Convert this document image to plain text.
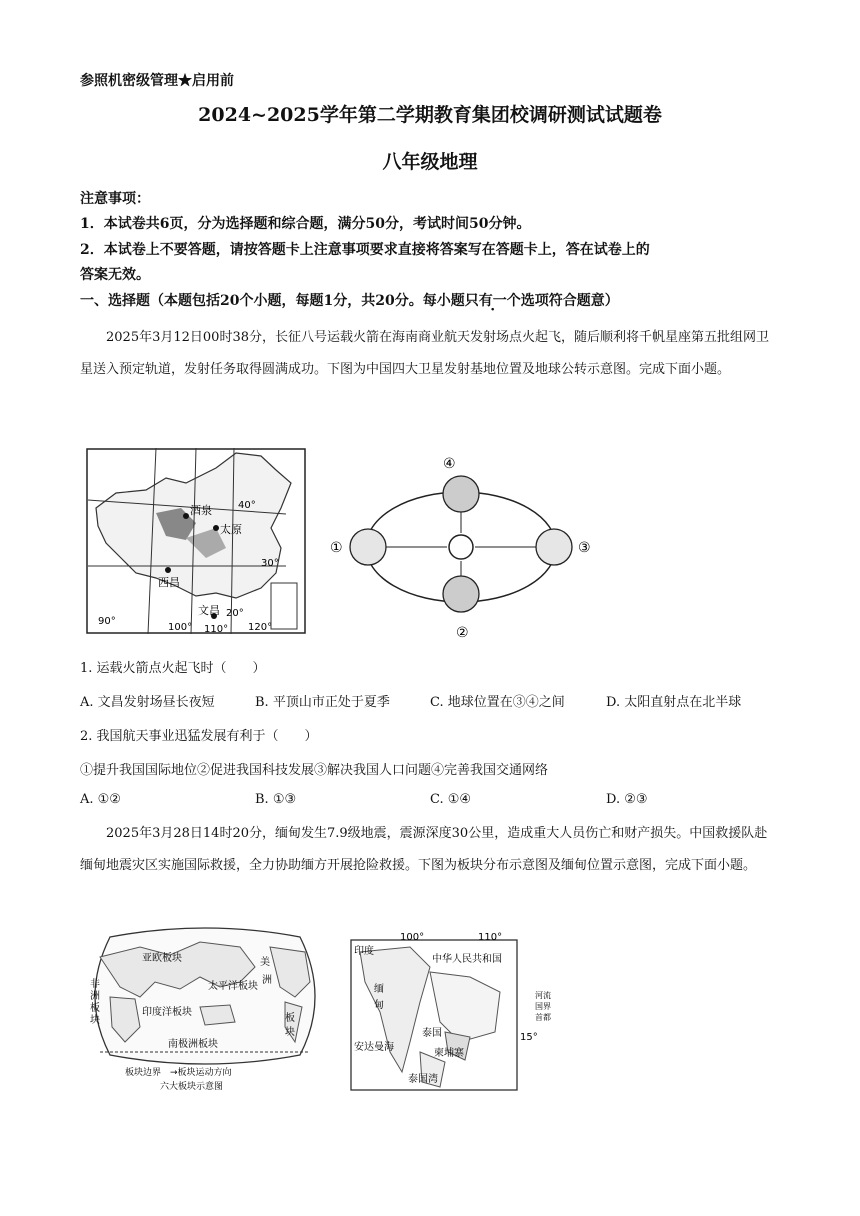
参照机密级管理★启用前
2024~2025学年第二学期教育集团校调研测试试题卷
八年级地理
注意事项：
1．本试卷共6页，分为选择题和综合题，满分50分，考试时间50分钟。
2．本试卷上不要答题，请按答题卡上注意事项要求直接将答案写在答题卡上，答在试卷上的
答案无效。
一、选择题（本题包括20个小题，每题1分，共20分。每小题只有一个选项符合题意）
2025年3月12日00时38分，长征八号运载火箭在海南商业航天发射场点火起飞，随后顺利将千帆星座第五批组网卫星送入预定轨道，发射任务取得圆满成功。下图为中国四大卫星发射基地位置及地球公转示意图。完成下面小题。
酒泉
太原
西昌
文昌
40°
30°
20°
90°
100° 110° 120°
①
②
③
④
1. 运载火箭点火起飞时（　　）
A. 文昌发射场昼长夜短	B. 平顶山市正处于夏季	C. 地球位置在③④之间	D. 太阳直射点在北半球
2. 我国航天事业迅猛发展有利于（　　）
①提升我国国际地位②促进我国科技发展③解决我国人口问题④完善我国交通网络
A. ①②	B. ①③	C. ①④	D. ②③
2025年3月28日14时20分，缅甸发生7.9级地震，震源深度30公里，造成重大人员伤亡和财产损失。中国救援队赴缅甸地震灾区实施国际救援，全力协助缅方开展抢险救援。下图为板块分布示意图及缅甸位置示意图，完成下面小题。
亚欧板块
非
洲
板
块
印度洋板块
太平洋板块
美
洲
板
块
南极洲板块
板块边界　→板块运动方向
六大板块示意图
100°	110°
15°
印度
中华人民共和国
缅
甸
泰国
柬埔寨
安达曼海
泰国湾
河流
国界
首都
